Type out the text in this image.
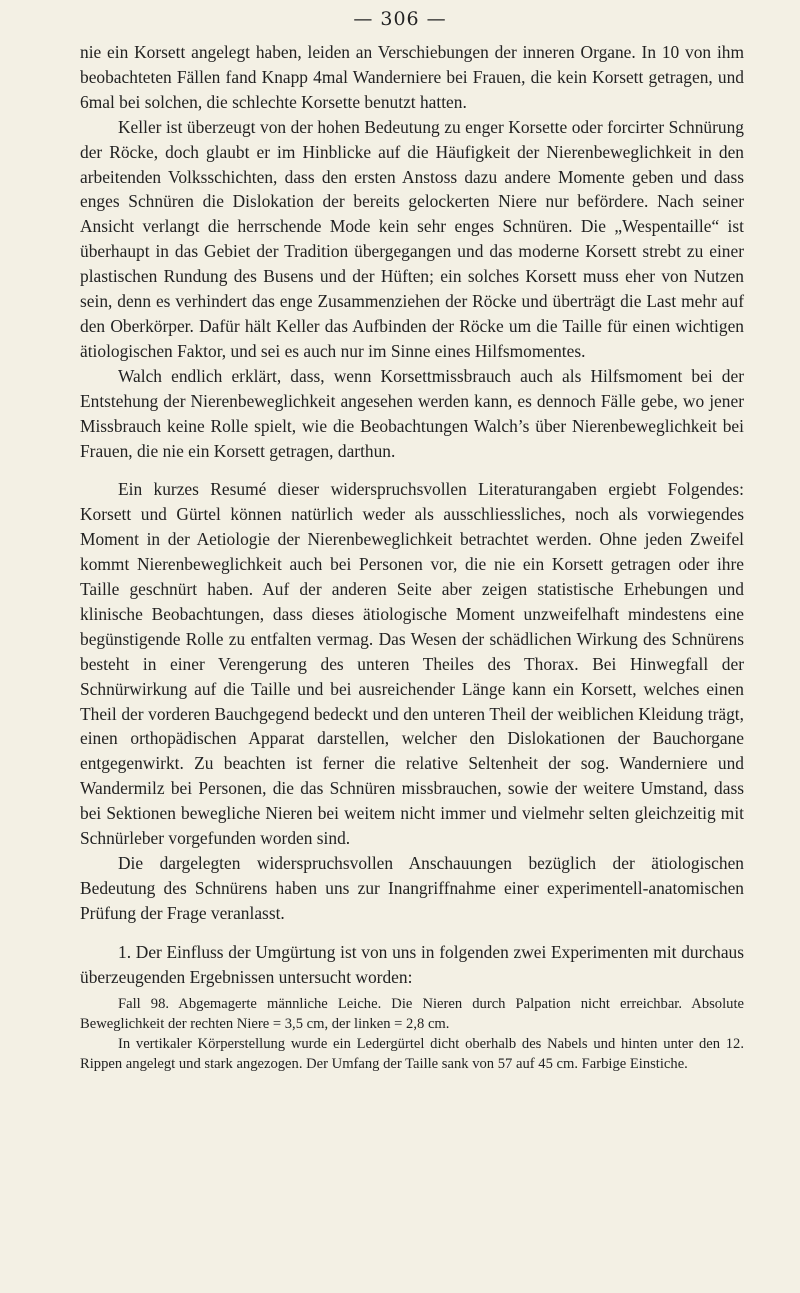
— 306 —

nie ein Korsett angelegt haben, leiden an Verschiebungen der inneren Organe. In 10 von ihm beobachteten Fällen fand Knapp 4mal Wanderniere bei Frauen, die kein Korsett getragen, und 6mal bei solchen, die schlechte Korsette benutzt hatten.

Keller ist überzeugt von der hohen Bedeutung zu enger Korsette oder forcirter Schnürung der Röcke, doch glaubt er im Hinblicke auf die Häufigkeit der Nierenbeweglichkeit in den arbeitenden Volksschichten, dass den ersten Anstoss dazu andere Momente geben und dass enges Schnüren die Dislokation der bereits gelockerten Niere nur befördere. Nach seiner Ansicht verlangt die herrschende Mode kein sehr enges Schnüren. Die „Wespentaille“ ist überhaupt in das Gebiet der Tradition übergegangen und das moderne Korsett strebt zu einer plastischen Rundung des Busens und der Hüften; ein solches Korsett muss eher von Nutzen sein, denn es verhindert das enge Zusammenziehen der Röcke und überträgt die Last mehr auf den Oberkörper. Dafür hält Keller das Aufbinden der Röcke um die Taille für einen wichtigen ätiologischen Faktor, und sei es auch nur im Sinne eines Hilfsmomentes.

Walch endlich erklärt, dass, wenn Korsettmissbrauch auch als Hilfsmoment bei der Entstehung der Nierenbeweglichkeit angesehen werden kann, es dennoch Fälle gebe, wo jener Missbrauch keine Rolle spielt, wie die Beobachtungen Walch’s über Nierenbeweglichkeit bei Frauen, die nie ein Korsett getragen, darthun.

Ein kurzes Resumé dieser widerspruchsvollen Literaturangaben ergiebt Folgendes: Korsett und Gürtel können natürlich weder als ausschliessliches, noch als vorwiegendes Moment in der Aetiologie der Nierenbeweglichkeit betrachtet werden. Ohne jeden Zweifel kommt Nierenbeweglichkeit auch bei Personen vor, die nie ein Korsett getragen oder ihre Taille geschnürt haben. Auf der anderen Seite aber zeigen statistische Erhebungen und klinische Beobachtungen, dass dieses ätiologische Moment unzweifelhaft mindestens eine begünstigende Rolle zu entfalten vermag. Das Wesen der schädlichen Wirkung des Schnürens besteht in einer Verengerung des unteren Theiles des Thorax. Bei Hinwegfall der Schnürwirkung auf die Taille und bei ausreichender Länge kann ein Korsett, welches einen Theil der vorderen Bauchgegend bedeckt und den unteren Theil der weiblichen Kleidung trägt, einen orthopädischen Apparat darstellen, welcher den Dislokationen der Bauchorgane entgegenwirkt. Zu beachten ist ferner die relative Seltenheit der sog. Wanderniere und Wandermilz bei Personen, die das Schnüren missbrauchen, sowie der weitere Umstand, dass bei Sektionen bewegliche Nieren bei weitem nicht immer und vielmehr selten gleichzeitig mit Schnürleber vorgefunden worden sind.

Die dargelegten widerspruchsvollen Anschauungen bezüglich der ätiologischen Bedeutung des Schnürens haben uns zur Inangriffnahme einer experimentell-anatomischen Prüfung der Frage veranlasst.

1. Der Einfluss der Umgürtung ist von uns in folgenden zwei Experimenten mit durchaus überzeugenden Ergebnissen untersucht worden:

Fall 98. Abgemagerte männliche Leiche. Die Nieren durch Palpation nicht erreichbar. Absolute Beweglichkeit der rechten Niere = 3,5 cm, der linken = 2,8 cm.

In vertikaler Körperstellung wurde ein Ledergürtel dicht oberhalb des Nabels und hinten unter den 12. Rippen angelegt und stark angezogen. Der Umfang der Taille sank von 57 auf 45 cm. Farbige Einstiche.
